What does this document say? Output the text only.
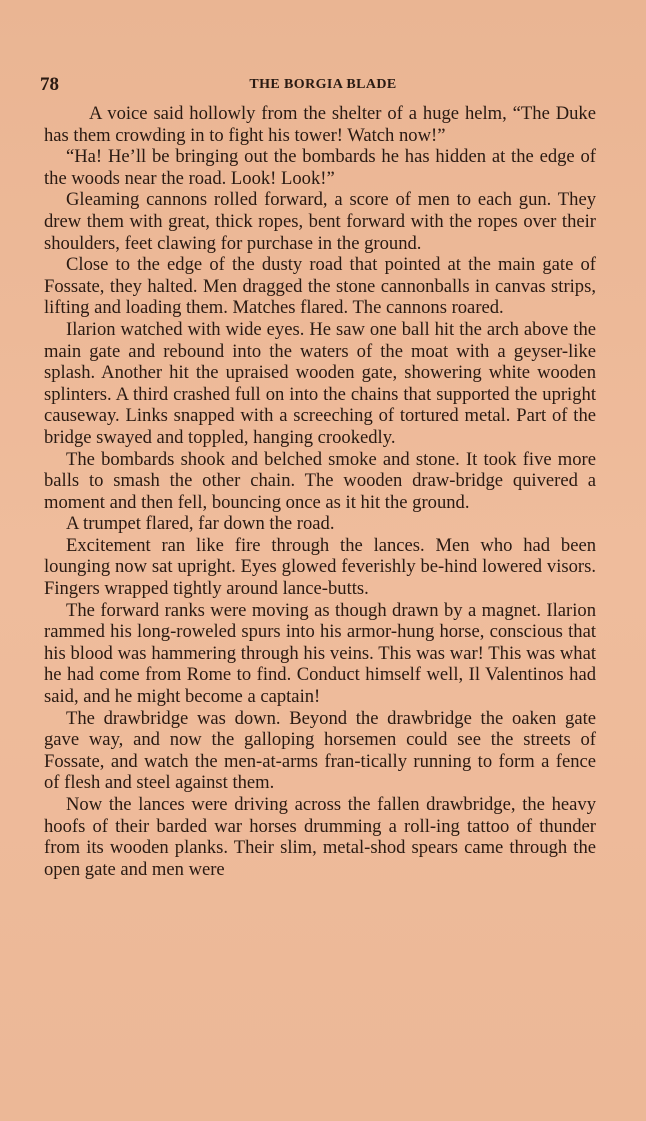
78	THE BORGIA BLADE

A voice said hollowly from the shelter of a huge helm, “The Duke has them crowding in to fight his tower! Watch now!”

“Ha! He’ll be bringing out the bombards he has hidden at the edge of the woods near the road. Look! Look!”

Gleaming cannons rolled forward, a score of men to each gun. They drew them with great, thick ropes, bent forward with the ropes over their shoulders, feet clawing for purchase in the ground.

Close to the edge of the dusty road that pointed at the main gate of Fossate, they halted. Men dragged the stone cannonballs in canvas strips, lifting and loading them. Matches flared. The cannons roared.

Ilarion watched with wide eyes. He saw one ball hit the arch above the main gate and rebound into the waters of the moat with a geyser-like splash. Another hit the upraised wooden gate, showering white wooden splinters. A third crashed full on into the chains that supported the upright causeway. Links snapped with a screeching of tortured metal. Part of the bridge swayed and toppled, hanging crookedly.

The bombards shook and belched smoke and stone. It took five more balls to smash the other chain. The wooden draw-bridge quivered a moment and then fell, bouncing once as it hit the ground.

A trumpet flared, far down the road.

Excitement ran like fire through the lances. Men who had been lounging now sat upright. Eyes glowed feverishly be-hind lowered visors. Fingers wrapped tightly around lance-butts.

The forward ranks were moving as though drawn by a magnet. Ilarion rammed his long-roweled spurs into his armor-hung horse, conscious that his blood was hammering through his veins. This was war! This was what he had come from Rome to find. Conduct himself well, Il Valentinos had said, and he might become a captain!

The drawbridge was down. Beyond the drawbridge the oaken gate gave way, and now the galloping horsemen could see the streets of Fossate, and watch the men-at-arms fran-tically running to form a fence of flesh and steel against them.

Now the lances were driving across the fallen drawbridge, the heavy hoofs of their barded war horses drumming a roll-ing tattoo of thunder from its wooden planks. Their slim, metal-shod spears came through the open gate and men were
